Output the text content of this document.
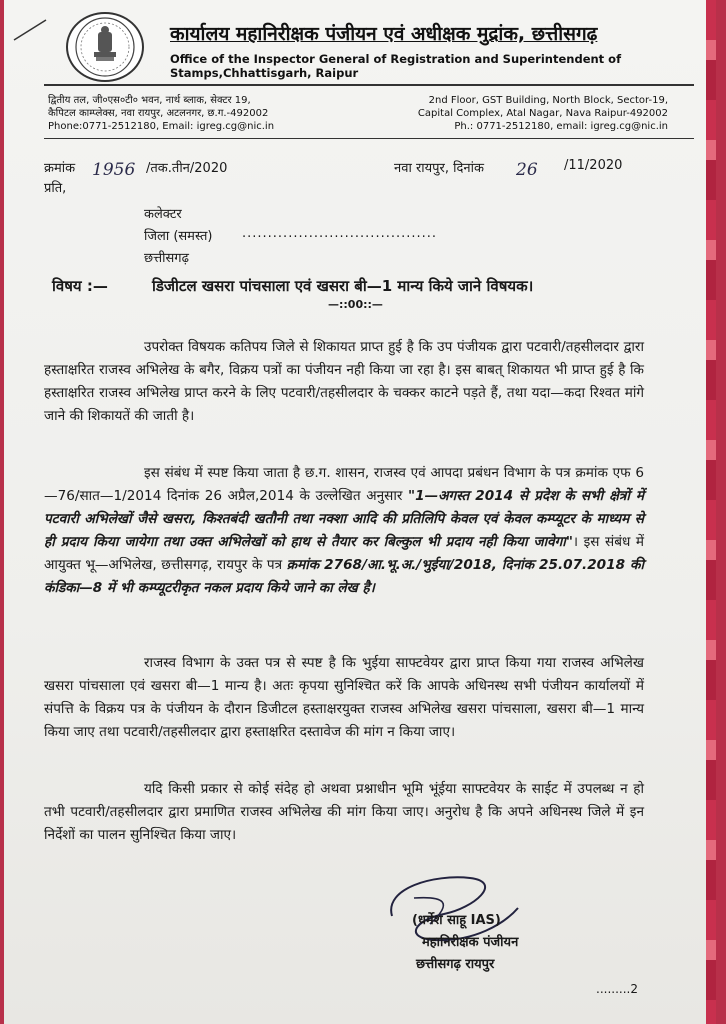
कार्यालय महानिरीक्षक पंजीयन एवं अधीक्षक मुद्रांक, छत्तीसगढ़
Office of the Inspector General of Registration and Superintendent of Stamps,Chhattisgarh, Raipur
द्वितीय तल, जी०एस०टी० भवन, नार्थ ब्लाक, सेक्टर 19,
कैपिटल काम्प्लेक्स, नवा रायपुर, अटलनगर, छ.ग.-492002
Phone:0771-2512180, Email: igreg.cg@nic.in
2nd Floor, GST Building, North Block, Sector-19,
Capital Complex, Atal Nagar, Nava Raipur-492002
Ph.: 0771-2512180, email: igreg.cg@nic.in
क्रमांक 1956 /तक.तीन/2020	नवा रायपुर, दिनांक 26 /11/2020
प्रति,
कलेक्टर
जिला (समस्त) ......................................
छत्तीसगढ़
विषय :—	डिजीटल खसरा पांचसाला एवं खसरा बी—1 मान्य किये जाने विषयक।
—::00::—
उपरोक्त विषयक कतिपय जिले से शिकायत प्राप्त हुई है कि उप पंजीयक द्वारा पटवारी/तहसीलदार द्वारा हस्ताक्षरित राजस्व अभिलेख के बगैर, विक्रय पत्रों का पंजीयन नही किया जा रहा है। इस बाबत् शिकायत भी प्राप्त हुई है कि हस्ताक्षरित राजस्व अभिलेख प्राप्त करने के लिए पटवारी/तहसीलदार के चक्कर काटने पड़ते हैं, तथा यदा—कदा रिश्वत मांगे जाने की शिकायतें की जाती है।
इस संबंध में स्पष्ट किया जाता है छ.ग. शासन, राजस्व एवं आपदा प्रबंधन विभाग के पत्र क्रमांक एफ 6—76/सात—1/2014 दिनांक 26 अप्रैल,2014 के उल्लेखित अनुसार "1—अगस्त 2014 से प्रदेश के सभी क्षेत्रों में पटवारी अभिलेखों जैसे खसरा, किश्तबंदी खतौनी तथा नक्शा आदि की प्रतिलिपि केवल एवं केवल कम्प्यूटर के माध्यम से ही प्रदाय किया जायेगा तथा उक्त अभिलेखों को हाथ से तैयार कर बिल्कुल भी प्रदाय नही किया जावेगा"। इस संबंध में आयुक्त भू—अभिलेख, छत्तीसगढ़, रायपुर के पत्र क्रमांक 2768/आ.भू.अ./भुईया/2018, दिनांक 25.07.2018 की कंडिका—8 में भी कम्प्यूटरीकृत नकल प्रदाय किये जाने का लेख है।
राजस्व विभाग के उक्त पत्र से स्पष्ट है कि भुईया साफ्टवेयर द्वारा प्राप्त किया गया राजस्व अभिलेख खसरा पांचसाला एवं खसरा बी—1 मान्य है। अतः कृपया सुनिश्चित करें कि आपके अधिनस्थ सभी पंजीयन कार्यालयों में संपत्ति के विक्रय पत्र के पंजीयन के दौरान डिजीटल हस्ताक्षरयुक्त राजस्व अभिलेख खसरा पांचसाला, खसरा बी—1 मान्य किया जाए तथा पटवारी/तहसीलदार द्वारा हस्ताक्षरित दस्तावेज की मांग न किया जाए।
यदि किसी प्रकार से कोई संदेह हो अथवा प्रश्नाधीन भूमि भूंईया साफ्टवेयर के साईट में उपलब्ध न हो तभी पटवारी/तहसीलदार द्वारा प्रमाणित राजस्व अभिलेख की मांग किया जाए। अनुरोध है कि अपने अधिनस्थ जिले में इन निर्देशों का पालन सुनिश्चित किया जाए।
(धर्मेश साहू IAS)
महानिरीक्षक पंजीयन
छत्तीसगढ़ रायपुर
.........2
